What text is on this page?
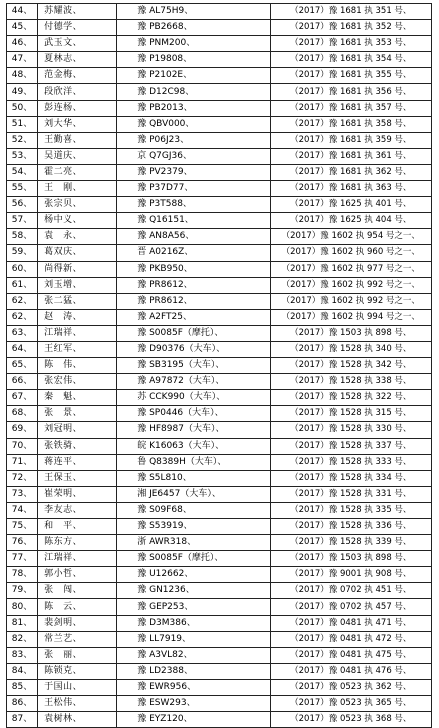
44、	苏耀波、	豫 AL75H9、	（2017）豫 1681 执 351 号、
45、	付德学、	豫 PB2668、	（2017）豫 1681 执 352 号、
46、	武玉文、	豫 PNM200、	（2017）豫 1681 执 353 号、
47、	夏林志、	豫 P19808、	（2017）豫 1681 执 354 号、
48、	范金梅、	豫 P2102E、	（2017）豫 1681 执 355 号、
49、	段欣洋、	豫 D12C98、	（2017）豫 1681 执 356 号、
50、	彭连杨、	豫 PB2013、	（2017）豫 1681 执 357 号、
51、	刘大华、	豫 QBV000、	（2017）豫 1681 执 358 号、
52、	王勤喜、	豫 P06J23、	（2017）豫 1681 执 359 号、
53、	吴道庆、	京 Q7GJ36、	（2017）豫 1681 执 361 号、
54、	霍二亮、	豫 PV2379、	（2017）豫 1681 执 362 号、
55、	王　刚、	豫 P37D77、	（2017）豫 1681 执 363 号、
56、	张宗贝、	豫 P3T588、	（2017）豫 1625 执 401 号、
57、	杨中义、	豫 Q16151、	（2017）豫 1625 执 404 号、
58、	袁　永、	豫 AN8A56、	（2017）豫 1602 执 954 号之一、
59、	葛双庆、	晋 A0216Z、	（2017）豫 1602 执 960 号之一、
60、	尚得新、	豫 PKB950、	（2017）豫 1602 执 977 号之一、
61、	刘玉增、	豫 PR8612、	（2017）豫 1602 执 992 号之一、
62、	张二猛、	豫 PR8612、	（2017）豫 1602 执 992 号之一、
62、	赵　涛、	豫 A2FT25、	（2017）豫 1602 执 994 号之一、
63、	江瑞祥、	豫 S0085F（摩托）、	（2017）豫 1503 执 898 号、
64、	王红军、	豫 D90376（大车）、	（2017）豫 1528 执 340 号、
65、	陈　伟、	豫 SB3195（大车）、	（2017）豫 1528 执 342 号、
66、	张宏伟、	豫 A97872（大车）、	（2017）豫 1528 执 338 号、
67、	秦　魁、	苏 CCK990（大车）、	（2017）豫 1528 执 322 号、
68、	张　景、	豫 SP0446（大车）、	（2017）豫 1528 执 315 号、
69、	刘冠明、	豫 HF8987（大车）、	（2017）豫 1528 执 330 号、
70、	张铁骑、	皖 K16063（大车）、	（2017）豫 1528 执 337 号、
71、	蒋连平、	鲁 Q8389H（大车）、	（2017）豫 1528 执 333 号、
72、	王保玉、	豫 S5L810、	（2017）豫 1528 执 334 号、
73、	崔荣明、	湘 JE6457（大车）、	（2017）豫 1528 执 331 号、
74、	李友志、	豫 S09F68、	（2017）豫 1528 执 335 号、
75、	和　平、	豫 S53919、	（2017）豫 1528 执 336 号、
76、	陈东方、	浙 AWR318、	（2017）豫 1528 执 339 号、
77、	江瑞祥、	豫 S0085F（摩托）、	（2017）豫 1503 执 898 号、
78、	郭小哲、	豫 U12662、	（2017）豫 9001 执 908 号、
79、	张　闯、	豫 GN1236、	（2017）豫 0702 执 451 号、
80、	陈　云、	豫 GEP253、	（2017）豫 0702 执 457 号、
81、	裴剑明、	豫 D3M386、	（2017）豫 0481 执 471 号、
82、	常兰艺、	豫 LL7919、	（2017）豫 0481 执 472 号、
83、	张　丽、	豫 A3VL82、	（2017）豫 0481 执 475 号、
84、	陈锁克、	豫 LD2388、	（2017）豫 0481 执 476 号、
85、	于国山、	豫 EWR956、	（2017）豫 0523 执 362 号、
86、	王松伟、	豫 ESW293、	（2017）豫 0523 执 365 号、
87、	袁树林、	豫 EYZ120、	（2017）豫 0523 执 368 号、
